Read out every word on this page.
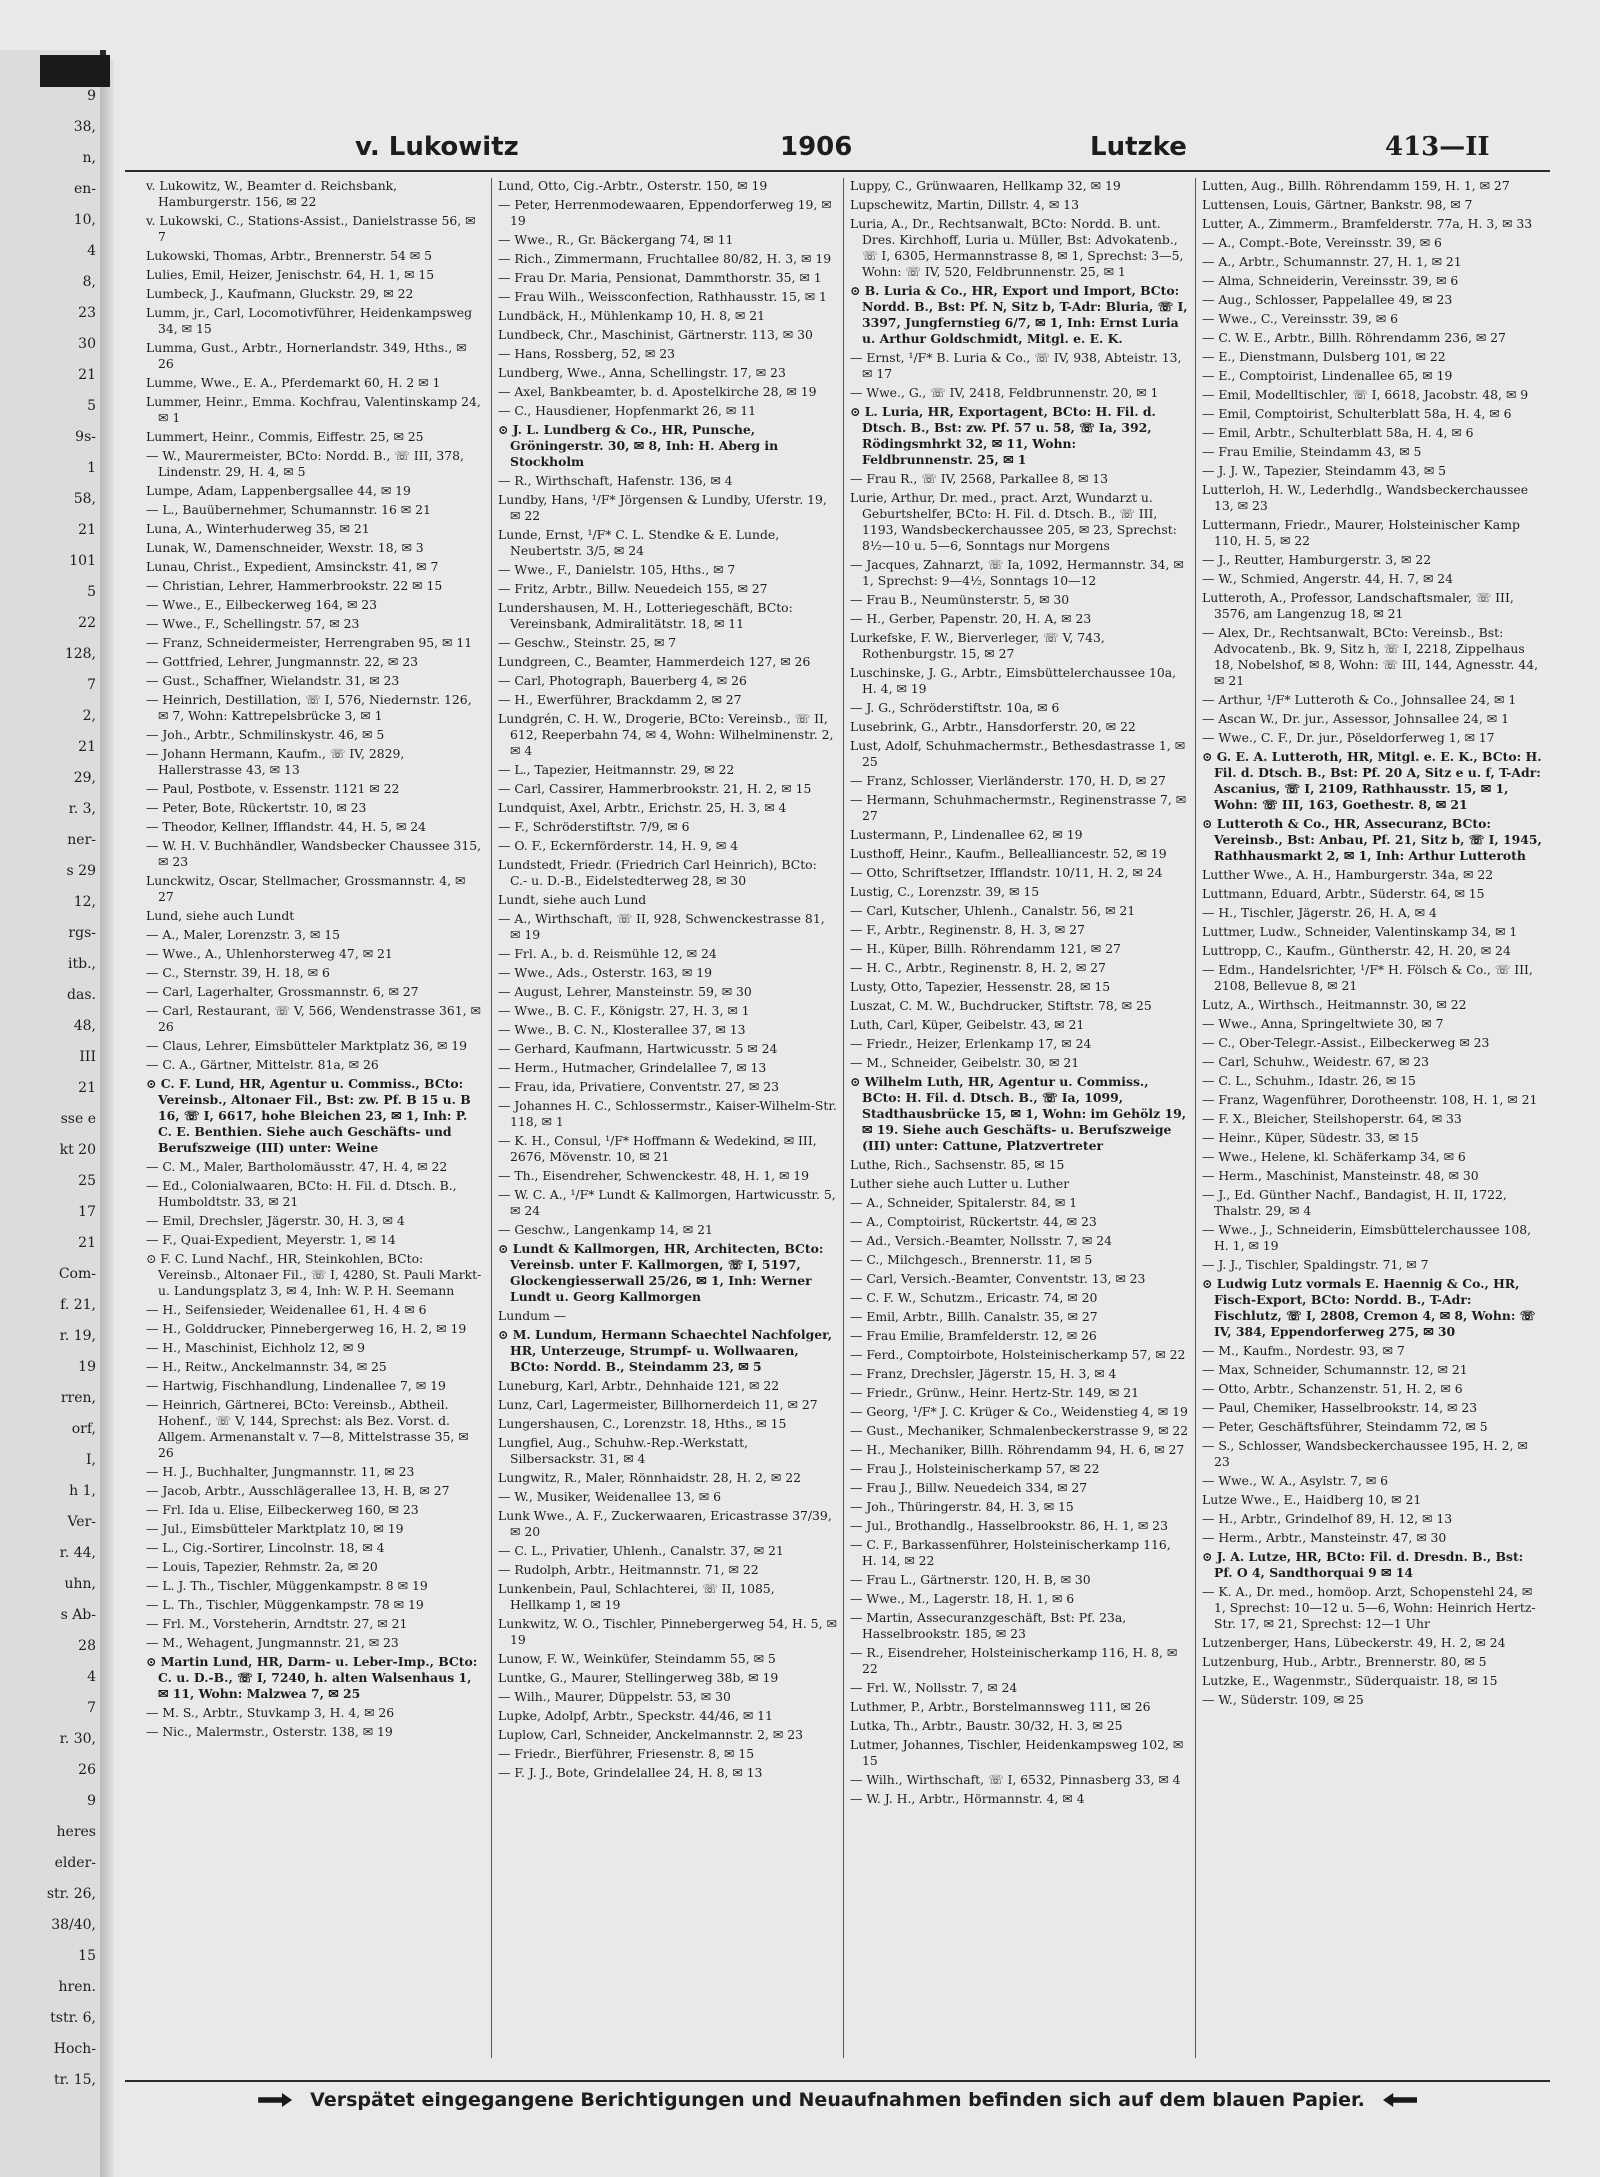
9
38,
n,
en-
10,
4
8,
23
30
21
5
9s-
1
58,
21
101
5
22
128,
7
2,
21
29,
r. 3,
ner-
s 29
12,
rgs-
itb.,
das.
48,
III
21
sse e
kt 20
25
17
21
Com-
f. 21,
r. 19,
19
rren,
orf,
I,
h 1,
Ver-
r. 44,
uhn,
s Ab-
28
4
7
r. 30,
26
9
heres
elder-
str. 26,
38/40,
15
hren.
tstr. 6,
Hoch-
tr. 15,
v. Lukowitz	1906	Lutzke	413—II
v. Lukowitz, W., Beamter d. Reichsbank, Hamburgerstr. 156, ✉ 22
v. Lukowski, C., Stations-Assist., Danielstrasse 56, ✉ 7
Lukowski, Thomas, Arbtr., Brennerstr. 54 ✉ 5
Lulies, Emil, Heizer, Jenischstr. 64, H. 1, ✉ 15
Lumbeck, J., Kaufmann, Gluckstr. 29, ✉ 22
Lumm, jr., Carl, Locomotivführer, Heidenkampsweg 34, ✉ 15
Lumma, Gust., Arbtr., Hornerlandstr. 349, Hths., ✉ 26
Lumme, Wwe., E. A., Pferdemarkt 60, H. 2 ✉ 1
Lummer, Heinr., Emma. Kochfrau, Valentinskamp 24, ✉ 1
Lummert, Heinr., Commis, Eiffestr. 25, ✉ 25
— W., Maurermeister, BCto: Nordd. B., ☏ III, 378, Lindenstr. 29, H. 4, ✉ 5
Lumpe, Adam, Lappenbergsallee 44, ✉ 19
— L., Bauübernehmer, Schumannstr. 16 ✉ 21
Luna, A., Winterhuderweg 35, ✉ 21
Lunak, W., Damenschneider, Wexstr. 18, ✉ 3
Lunau, Christ., Expedient, Amsinckstr. 41, ✉ 7
— Christian, Lehrer, Hammerbrookstr. 22 ✉ 15
— Wwe., E., Eilbeckerweg 164, ✉ 23
— Wwe., F., Schellingstr. 57, ✉ 23
— Franz, Schneidermeister, Herrengraben 95, ✉ 11
— Gottfried, Lehrer, Jungmannstr. 22, ✉ 23
— Gust., Schaffner, Wielandstr. 31, ✉ 23
— Heinrich, Destillation, ☏ I, 576, Niedernstr. 126, ✉ 7, Wohn: Kattrepelsbrücke 3, ✉ 1
— Joh., Arbtr., Schmilinskystr. 46, ✉ 5
— Johann Hermann, Kaufm., ☏ IV, 2829, Hallerstrasse 43, ✉ 13
— Paul, Postbote, v. Essenstr. 1121 ✉ 22
— Peter, Bote, Rückertstr. 10, ✉ 23
— Theodor, Kellner, Ifflandstr. 44, H. 5, ✉ 24
— W. H. V. Buchhändler, Wandsbecker Chaussee 315, ✉ 23
Lunckwitz, Oscar, Stellmacher, Grossmannstr. 4, ✉ 27
Lund, siehe auch Lundt
— A., Maler, Lorenzstr. 3, ✉ 15
— Wwe., A., Uhlenhorsterweg 47, ✉ 21
— C., Sternstr. 39, H. 18, ✉ 6
— Carl, Lagerhalter, Grossmannstr. 6, ✉ 27
— Carl, Restaurant, ☏ V, 566, Wendenstrasse 361, ✉ 26
— Claus, Lehrer, Eimsbütteler Marktplatz 36, ✉ 19
— C. A., Gärtner, Mittelstr. 81a, ✉ 26
⊙ C. F. Lund, HR, Agentur u. Commiss., BCto: Vereinsb., Altonaer Fil., Bst: zw. Pf. B 15 u. B 16, ☏ I, 6617, hohe Bleichen 23, ✉ 1, Inh: P. C. E. Benthien. Siehe auch Geschäfts- und Berufszweige (III) unter: Weine
— C. M., Maler, Bartholomäusstr. 47, H. 4, ✉ 22
— Ed., Colonialwaaren, BCto: H. Fil. d. Dtsch. B., Humboldtstr. 33, ✉ 21
— Emil, Drechsler, Jägerstr. 30, H. 3, ✉ 4
— F., Quai-Expedient, Meyerstr. 1, ✉ 14
⊙ F. C. Lund Nachf., HR, Steinkohlen, BCto: Vereinsb., Altonaer Fil., ☏ I, 4280, St. Pauli Markt- u. Landungsplatz 3, ✉ 4, Inh: W. P. H. Seemann
— H., Seifensieder, Weidenallee 61, H. 4 ✉ 6
— H., Golddrucker, Pinnebergerweg 16, H. 2, ✉ 19
— H., Maschinist, Eichholz 12, ✉ 9
— H., Reitw., Anckelmannstr. 34, ✉ 25
— Hartwig, Fischhandlung, Lindenallee 7, ✉ 19
— Heinrich, Gärtnerei, BCto: Vereinsb., Abtheil. Hohenf., ☏ V, 144, Sprechst: als Bez. Vorst. d. Allgem. Armenanstalt v. 7—8, Mittelstrasse 35, ✉ 26
— H. J., Buchhalter, Jungmannstr. 11, ✉ 23
— Jacob, Arbtr., Ausschlägerallee 13, H. B, ✉ 27
— Frl. Ida u. Elise, Eilbeckerweg 160, ✉ 23
— Jul., Eimsbütteler Marktplatz 10, ✉ 19
— L., Cig.-Sortirer, Lincolnstr. 18, ✉ 4
— Louis, Tapezier, Rehmstr. 2a, ✉ 20
— L. J. Th., Tischler, Müggenkampstr. 8 ✉ 19
— L. Th., Tischler, Müggenkampstr. 78 ✉ 19
— Frl. M., Vorsteherin, Arndtstr. 27, ✉ 21
— M., Wehagent, Jungmannstr. 21, ✉ 23
⊙ Martin Lund, HR, Darm- u. Leber-Imp., BCto: C. u. D.-B., ☏ I, 7240, h. alten Walsenhaus 1, ✉ 11, Wohn: Malzwea 7, ✉ 25
— M. S., Arbtr., Stuvkamp 3, H. 4, ✉ 26
— Nic., Malermstr., Osterstr. 138, ✉ 19
Lund, Otto, Cig.-Arbtr., Osterstr. 150, ✉ 19
— Peter, Herrenmodewaaren, Eppendorferweg 19, ✉ 19
— Wwe., R., Gr. Bäckergang 74, ✉ 11
— Rich., Zimmermann, Fruchtallee 80/82, H. 3, ✉ 19
— Frau Dr. Maria, Pensionat, Dammthorstr. 35, ✉ 1
— Frau Wilh., Weissconfection, Rathhausstr. 15, ✉ 1
Lundbäck, H., Mühlenkamp 10, H. 8, ✉ 21
Lundbeck, Chr., Maschinist, Gärtnerstr. 113, ✉ 30
— Hans, Rossberg, 52, ✉ 23
Lundberg, Wwe., Anna, Schellingstr. 17, ✉ 23
— Axel, Bankbeamter, b. d. Apostelkirche 28, ✉ 19
— C., Hausdiener, Hopfenmarkt 26, ✉ 11
⊙ J. L. Lundberg & Co., HR, Punsche, Gröningerstr. 30, ✉ 8, Inh: H. Aberg in Stockholm
— R., Wirthschaft, Hafenstr. 136, ✉ 4
Lundby, Hans, ¹/F* Jörgensen & Lundby, Uferstr. 19, ✉ 22
Lunde, Ernst, ¹/F* C. L. Stendke & E. Lunde, Neubertstr. 3/5, ✉ 24
— Wwe., F., Danielstr. 105, Hths., ✉ 7
— Fritz, Arbtr., Billw. Neuedeich 155, ✉ 27
Lundershausen, M. H., Lotteriegeschäft, BCto: Vereinsbank, Admiralitätstr. 18, ✉ 11
— Geschw., Steinstr. 25, ✉ 7
Lundgreen, C., Beamter, Hammerdeich 127, ✉ 26
— Carl, Photograph, Bauerberg 4, ✉ 26
— H., Ewerführer, Brackdamm 2, ✉ 27
Lundgrén, C. H. W., Drogerie, BCto: Vereinsb., ☏ II, 612, Reeperbahn 74, ✉ 4, Wohn: Wilhelminenstr. 2, ✉ 4
— L., Tapezier, Heitmannstr. 29, ✉ 22
— Carl, Cassirer, Hammerbrookstr. 21, H. 2, ✉ 15
Lundquist, Axel, Arbtr., Erichstr. 25, H. 3, ✉ 4
— F., Schröderstiftstr. 7/9, ✉ 6
— O. F., Eckernförderstr. 14, H. 9, ✉ 4
Lundstedt, Friedr. (Friedrich Carl Heinrich), BCto: C.- u. D.-B., Eidelstedterweg 28, ✉ 30
Lundt, siehe auch Lund
— A., Wirthschaft, ☏ II, 928, Schwenckestrasse 81, ✉ 19
— Frl. A., b. d. Reismühle 12, ✉ 24
— Wwe., Ads., Osterstr. 163, ✉ 19
— August, Lehrer, Mansteinstr. 59, ✉ 30
— Wwe., B. C. F., Königstr. 27, H. 3, ✉ 1
— Wwe., B. C. N., Klosterallee 37, ✉ 13
— Gerhard, Kaufmann, Hartwicusstr. 5 ✉ 24
— Herm., Hutmacher, Grindelallee 7, ✉ 13
— Frau, ida, Privatiere, Conventstr. 27, ✉ 23
— Johannes H. C., Schlossermstr., Kaiser-Wilhelm-Str. 118, ✉ 1
— K. H., Consul, ¹/F* Hoffmann & Wedekind, ✉ III, 2676, Mövenstr. 10, ✉ 21
— Th., Eisendreher, Schwenckestr. 48, H. 1, ✉ 19
— W. C. A., ¹/F* Lundt & Kallmorgen, Hartwicusstr. 5, ✉ 24
— Geschw., Langenkamp 14, ✉ 21
⊙ Lundt & Kallmorgen, HR, Architecten, BCto: Vereinsb. unter F. Kallmorgen, ☏ I, 5197, Glockengiesserwall 25/26, ✉ 1, Inh: Werner Lundt u. Georg Kallmorgen
Lundum —
⊙ M. Lundum, Hermann Schaechtel Nachfolger, HR, Unterzeuge, Strumpf- u. Wollwaaren, BCto: Nordd. B., Steindamm 23, ✉ 5
Luneburg, Karl, Arbtr., Dehnhaide 121, ✉ 22
Lunz, Carl, Lagermeister, Billhornerdeich 11, ✉ 27
Lungershausen, C., Lorenzstr. 18, Hths., ✉ 15
Lungfiel, Aug., Schuhw.-Rep.-Werkstatt, Silbersackstr. 31, ✉ 4
Lungwitz, R., Maler, Rönnhaidstr. 28, H. 2, ✉ 22
— W., Musiker, Weidenallee 13, ✉ 6
Lunk Wwe., A. F., Zuckerwaaren, Ericastrasse 37/39, ✉ 20
— C. L., Privatier, Uhlenh., Canalstr. 37, ✉ 21
— Rudolph, Arbtr., Heitmannstr. 71, ✉ 22
Lunkenbein, Paul, Schlachterei, ☏ II, 1085, Hellkamp 1, ✉ 19
Lunkwitz, W. O., Tischler, Pinnebergerweg 54, H. 5, ✉ 19
Lunow, F. W., Weinküfer, Steindamm 55, ✉ 5
Luntke, G., Maurer, Stellingerweg 38b, ✉ 19
— Wilh., Maurer, Düppelstr. 53, ✉ 30
Lupke, Adolpf, Arbtr., Speckstr. 44/46, ✉ 11
Luplow, Carl, Schneider, Anckelmannstr. 2, ✉ 23
— Friedr., Bierführer, Friesenstr. 8, ✉ 15
— F. J. J., Bote, Grindelallee 24, H. 8, ✉ 13
Luppy, C., Grünwaaren, Hellkamp 32, ✉ 19
Lupschewitz, Martin, Dillstr. 4, ✉ 13
Luria, A., Dr., Rechtsanwalt, BCto: Nordd. B. unt. Dres. Kirchhoff, Luria u. Müller, Bst: Advokatenb., ☏ I, 6305, Hermannstrasse 8, ✉ 1, Sprechst: 3—5, Wohn: ☏ IV, 520, Feldbrunnenstr. 25, ✉ 1
⊙ B. Luria & Co., HR, Export und Import, BCto: Nordd. B., Bst: Pf. N, Sitz b, T-Adr: Bluria, ☏ I, 3397, Jungfernstieg 6/7, ✉ 1, Inh: Ernst Luria u. Arthur Goldschmidt, Mitgl. e. E. K.
— Ernst, ¹/F* B. Luria & Co., ☏ IV, 938, Abteistr. 13, ✉ 17
— Wwe., G., ☏ IV, 2418, Feldbrunnenstr. 20, ✉ 1
⊙ L. Luria, HR, Exportagent, BCto: H. Fil. d. Dtsch. B., Bst: zw. Pf. 57 u. 58, ☏ Ia, 392, Rödingsmhrkt 32, ✉ 11, Wohn: Feldbrunnenstr. 25, ✉ 1
— Frau R., ☏ IV, 2568, Parkallee 8, ✉ 13
Lurie, Arthur, Dr. med., pract. Arzt, Wundarzt u. Geburtshelfer, BCto: H. Fil. d. Dtsch. B., ☏ III, 1193, Wandsbeckerchaussee 205, ✉ 23, Sprechst: 8½—10 u. 5—6, Sonntags nur Morgens
— Jacques, Zahnarzt, ☏ Ia, 1092, Hermannstr. 34, ✉ 1, Sprechst: 9—4½, Sonntags 10—12
— Frau B., Neumünsterstr. 5, ✉ 30
— H., Gerber, Papenstr. 20, H. A, ✉ 23
Lurkefske, F. W., Bierverleger, ☏ V, 743, Rothenburgstr. 15, ✉ 27
Luschinske, J. G., Arbtr., Eimsbüttelerchaussee 10a, H. 4, ✉ 19
— J. G., Schröderstiftstr. 10a, ✉ 6
Lusebrink, G., Arbtr., Hansdorferstr. 20, ✉ 22
Lust, Adolf, Schuhmachermstr., Bethesdastrasse 1, ✉ 25
— Franz, Schlosser, Vierländerstr. 170, H. D, ✉ 27
— Hermann, Schuhmachermstr., Reginenstrasse 7, ✉ 27
Lustermann, P., Lindenallee 62, ✉ 19
Lusthoff, Heinr., Kaufm., Bellealliancestr. 52, ✉ 19
— Otto, Schriftsetzer, Ifflandstr. 10/11, H. 2, ✉ 24
Lustig, C., Lorenzstr. 39, ✉ 15
— Carl, Kutscher, Uhlenh., Canalstr. 56, ✉ 21
— F., Arbtr., Reginenstr. 8, H. 3, ✉ 27
— H., Küper, Billh. Röhrendamm 121, ✉ 27
— H. C., Arbtr., Reginenstr. 8, H. 2, ✉ 27
Lusty, Otto, Tapezier, Hessenstr. 28, ✉ 15
Luszat, C. M. W., Buchdrucker, Stiftstr. 78, ✉ 25
Luth, Carl, Küper, Geibelstr. 43, ✉ 21
— Friedr., Heizer, Erlenkamp 17, ✉ 24
— M., Schneider, Geibelstr. 30, ✉ 21
⊙ Wilhelm Luth, HR, Agentur u. Commiss., BCto: H. Fil. d. Dtsch. B., ☏ Ia, 1099, Stadthausbrücke 15, ✉ 1, Wohn: im Gehölz 19, ✉ 19. Siehe auch Geschäfts- u. Berufszweige (III) unter: Cattune, Platzvertreter
Luthe, Rich., Sachsenstr. 85, ✉ 15
Luther siehe auch Lutter u. Luther
— A., Schneider, Spitalerstr. 84, ✉ 1
— A., Comptoirist, Rückertstr. 44, ✉ 23
— Ad., Versich.-Beamter, Nollsstr. 7, ✉ 24
— C., Milchgesch., Brennerstr. 11, ✉ 5
— Carl, Versich.-Beamter, Conventstr. 13, ✉ 23
— C. F. W., Schutzm., Ericastr. 74, ✉ 20
— Emil, Arbtr., Billh. Canalstr. 35, ✉ 27
— Frau Emilie, Bramfelderstr. 12, ✉ 26
— Ferd., Comptoirbote, Holsteinischerkamp 57, ✉ 22
— Franz, Drechsler, Jägerstr. 15, H. 3, ✉ 4
— Friedr., Grünw., Heinr. Hertz-Str. 149, ✉ 21
— Georg, ¹/F* J. C. Krüger & Co., Weidenstieg 4, ✉ 19
— Gust., Mechaniker, Schmalenbeckerstrasse 9, ✉ 22
— H., Mechaniker, Billh. Röhrendamm 94, H. 6, ✉ 27
— Frau J., Holsteinischerkamp 57, ✉ 22
— Frau J., Billw. Neuedeich 334, ✉ 27
— Joh., Thüringerstr. 84, H. 3, ✉ 15
— Jul., Brothandlg., Hasselbrookstr. 86, H. 1, ✉ 23
— C. F., Barkassenführer, Holsteinischerkamp 116, H. 14, ✉ 22
— Frau L., Gärtnerstr. 120, H. B, ✉ 30
— Wwe., M., Lagerstr. 18, H. 1, ✉ 6
— Martin, Assecuranzgeschäft, Bst: Pf. 23a, Hasselbrookstr. 185, ✉ 23
— R., Eisendreher, Holsteinischerkamp 116, H. 8, ✉ 22
— Frl. W., Nollsstr. 7, ✉ 24
Luthmer, P., Arbtr., Borstelmannsweg 111, ✉ 26
Lutka, Th., Arbtr., Baustr. 30/32, H. 3, ✉ 25
Lutmer, Johannes, Tischler, Heidenkampsweg 102, ✉ 15
— Wilh., Wirthschaft, ☏ I, 6532, Pinnasberg 33, ✉ 4
— W. J. H., Arbtr., Hörmannstr. 4, ✉ 4
Lutten, Aug., Billh. Röhrendamm 159, H. 1, ✉ 27
Luttensen, Louis, Gärtner, Bankstr. 98, ✉ 7
Lutter, A., Zimmerm., Bramfelderstr. 77a, H. 3, ✉ 33
— A., Compt.-Bote, Vereinsstr. 39, ✉ 6
— A., Arbtr., Schumannstr. 27, H. 1, ✉ 21
— Alma, Schneiderin, Vereinsstr. 39, ✉ 6
— Aug., Schlosser, Pappelallee 49, ✉ 23
— Wwe., C., Vereinsstr. 39, ✉ 6
— C. W. E., Arbtr., Billh. Röhrendamm 236, ✉ 27
— E., Dienstmann, Dulsberg 101, ✉ 22
— E., Comptoirist, Lindenallee 65, ✉ 19
— Emil, Modelltischler, ☏ I, 6618, Jacobstr. 48, ✉ 9
— Emil, Comptoirist, Schulterblatt 58a, H. 4, ✉ 6
— Emil, Arbtr., Schulterblatt 58a, H. 4, ✉ 6
— Frau Emilie, Steindamm 43, ✉ 5
— J. J. W., Tapezier, Steindamm 43, ✉ 5
Lutterloh, H. W., Lederhdlg., Wandsbeckerchaussee 13, ✉ 23
Luttermann, Friedr., Maurer, Holsteinischer Kamp 110, H. 5, ✉ 22
— J., Reutter, Hamburgerstr. 3, ✉ 22
— W., Schmied, Angerstr. 44, H. 7, ✉ 24
Lutteroth, A., Professor, Landschaftsmaler, ☏ III, 3576, am Langenzug 18, ✉ 21
— Alex, Dr., Rechtsanwalt, BCto: Vereinsb., Bst: Advocatenb., Bk. 9, Sitz h, ☏ I, 2218, Zippelhaus 18, Nobelshof, ✉ 8, Wohn: ☏ III, 144, Agnesstr. 44, ✉ 21
— Arthur, ¹/F* Lutteroth & Co., Johnsallee 24, ✉ 1
— Ascan W., Dr. jur., Assessor, Johnsallee 24, ✉ 1
— Wwe., C. F., Dr. jur., Pöseldorferweg 1, ✉ 17
⊙ G. E. A. Lutteroth, HR, Mitgl. e. E. K., BCto: H. Fil. d. Dtsch. B., Bst: Pf. 20 A, Sitz e u. f, T-Adr: Ascanius, ☏ I, 2109, Rathhausstr. 15, ✉ 1, Wohn: ☏ III, 163, Goethestr. 8, ✉ 21
⊙ Lutteroth & Co., HR, Assecuranz, BCto: Vereinsb., Bst: Anbau, Pf. 21, Sitz b, ☏ I, 1945, Rathhausmarkt 2, ✉ 1, Inh: Arthur Lutteroth
Lutther Wwe., A. H., Hamburgerstr. 34a, ✉ 22
Luttmann, Eduard, Arbtr., Süderstr. 64, ✉ 15
— H., Tischler, Jägerstr. 26, H. A, ✉ 4
Luttmer, Ludw., Schneider, Valentinskamp 34, ✉ 1
Luttropp, C., Kaufm., Güntherstr. 42, H. 20, ✉ 24
— Edm., Handelsrichter, ¹/F* H. Fölsch & Co., ☏ III, 2108, Bellevue 8, ✉ 21
Lutz, A., Wirthsch., Heitmannstr. 30, ✉ 22
— Wwe., Anna, Springeltwiete 30, ✉ 7
— C., Ober-Telegr.-Assist., Eilbeckerweg ✉ 23
— Carl, Schuhw., Weidestr. 67, ✉ 23
— C. L., Schuhm., Idastr. 26, ✉ 15
— Franz, Wagenführer, Dorotheenstr. 108, H. 1, ✉ 21
— F. X., Bleicher, Steilshoperstr. 64, ✉ 33
— Heinr., Küper, Südestr. 33, ✉ 15
— Wwe., Helene, kl. Schäferkamp 34, ✉ 6
— Herm., Maschinist, Mansteinstr. 48, ✉ 30
— J., Ed. Günther Nachf., Bandagist, H. II, 1722, Thalstr. 29, ✉ 4
— Wwe., J., Schneiderin, Eimsbüttelerchaussee 108, H. 1, ✉ 19
— J. J., Tischler, Spaldingstr. 71, ✉ 7
⊙ Ludwig Lutz vormals E. Haennig & Co., HR, Fisch-Export, BCto: Nordd. B., T-Adr: Fischlutz, ☏ I, 2808, Cremon 4, ✉ 8, Wohn: ☏ IV, 384, Eppendorferweg 275, ✉ 30
— M., Kaufm., Nordestr. 93, ✉ 7
— Max, Schneider, Schumannstr. 12, ✉ 21
— Otto, Arbtr., Schanzenstr. 51, H. 2, ✉ 6
— Paul, Chemiker, Hasselbrookstr. 14, ✉ 23
— Peter, Geschäftsführer, Steindamm 72, ✉ 5
— S., Schlosser, Wandsbeckerchaussee 195, H. 2, ✉ 23
— Wwe., W. A., Asylstr. 7, ✉ 6
Lutze Wwe., E., Haidberg 10, ✉ 21
— H., Arbtr., Grindelhof 89, H. 12, ✉ 13
— Herm., Arbtr., Mansteinstr. 47, ✉ 30
⊙ J. A. Lutze, HR, BCto: Fil. d. Dresdn. B., Bst: Pf. O 4, Sandthorquai 9 ✉ 14
— K. A., Dr. med., homöop. Arzt, Schopenstehl 24, ✉ 1, Sprechst: 10—12 u. 5—6, Wohn: Heinrich Hertz-Str. 17, ✉ 21, Sprechst: 12—1 Uhr
Lutzenberger, Hans, Lübeckerstr. 49, H. 2, ✉ 24
Lutzenburg, Hub., Arbtr., Brennerstr. 80, ✉ 5
Lutzke, E., Wagenmstr., Süderquaistr. 18, ✉ 15
— W., Süderstr. 109, ✉ 25
Verspätet eingegangene Berichtigungen und Neuaufnahmen befinden sich auf dem blauen Papier.
